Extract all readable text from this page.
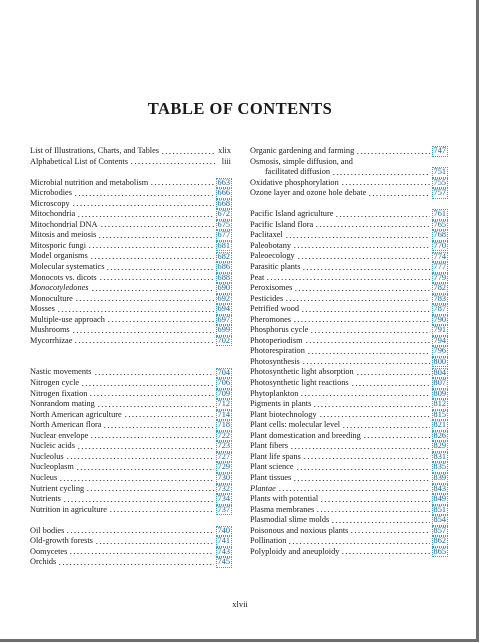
TABLE OF CONTENTS
List of Illustrations, Charts, and Tables	xlix
Alphabetical List of Contents	liii
Microbial nutrition and metabolism	663
Microbodies	666
Microscopy	668
Mitochondria	672
Mitochondrial DNA	675
Mitosis and meiosis	677
Mitosporic fungi	681
Model organisms	682
Molecular systematics	686
Monocots vs. dicots	688
Monocotyledones	690
Monoculture	692
Mosses	694
Multiple-use approach	697
Mushrooms	699
Mycorrhizae	702
Nastic movements	704
Nitrogen cycle	706
Nitrogen fixation	709
Nonrandom mating	712
North American agriculture	714
North American flora	718
Nuclear envelope	722
Nucleic acids	723
Nucleolus	727
Nucleoplasm	729
Nucleus	730
Nutrient cycling	732
Nutrients	734
Nutrition in agriculture	737
Oil bodies	740
Old-growth forests	741
Oomycetes	743
Orchids	745
Organic gardening and farming	747
Osmosis, simple diffusion, and
facilitated diffusion	751
Oxidative phosphorylation	755
Ozone layer and ozone hole debate	757
Pacific Island agriculture	761
Pacific Island flora	765
Paclitaxel	768
Paleobotany	770
Paleoecology	774
Parasitic plants	777
Peat	779
Peroxisomes	782
Pesticides	783
Petrified wood	787
Pheromones	790
Phosphorus cycle	791
Photoperiodism	794
Photorespiration	796
Photosynthesis	800
Photosynthetic light absorption	804
Photosynthetic light reactions	807
Phytoplankton	809
Pigments in plants	812
Plant biotechnology	815
Plant cells: molecular level	821
Plant domestication and breeding	826
Plant fibers	829
Plant life spans	831
Plant science	835
Plant tissues	839
Plantae	843
Plants with potential	849
Plasma membranes	851
Plasmodial slime molds	854
Poisonous and noxious plants	857
Pollination	862
Polyploidy and aneuploidy	865
xlvii
